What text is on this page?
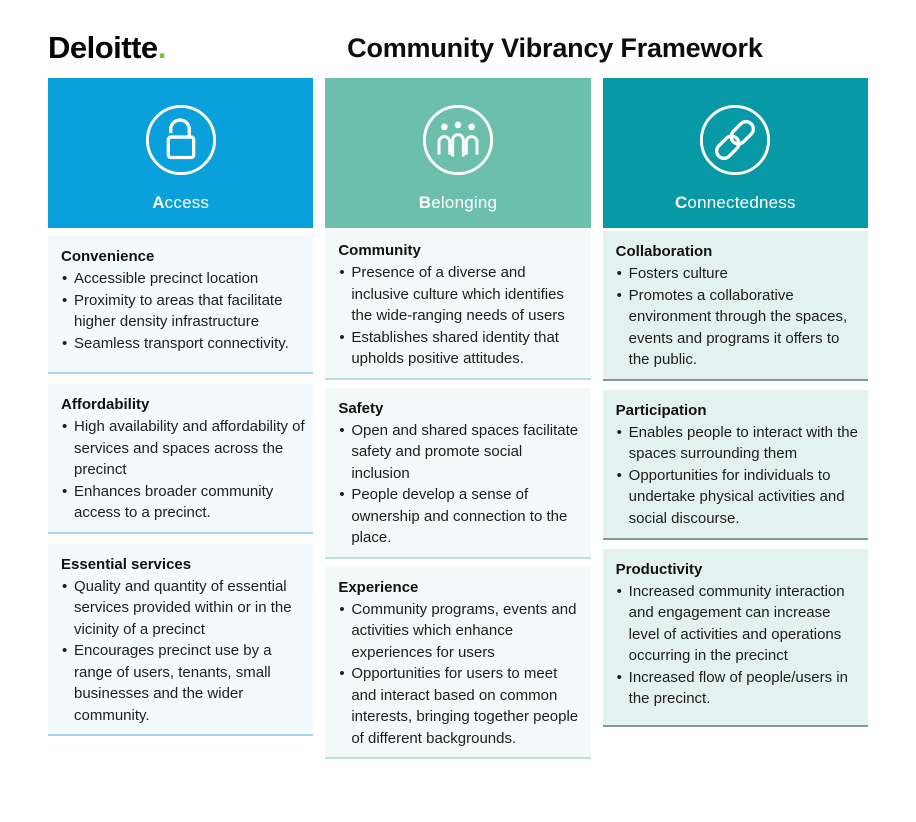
Deloitte.	Community Vibrancy Framework
Access
Convenience
• Accessible precinct location
• Proximity to areas that facilitate higher density infrastructure
• Seamless transport connectivity.
Affordability
• High availability and affordability of services and spaces across the precinct
• Enhances broader community access to a precinct.
Essential services
• Quality and quantity of essential services provided within or in the vicinity of a precinct
• Encourages precinct use by a range of users, tenants, small businesses and the wider community.
Belonging
Community
• Presence of a diverse and inclusive culture which identifies the wide-ranging needs of users
• Establishes shared identity that upholds positive attitudes.
Safety
• Open and shared spaces facilitate safety and promote social inclusion
• People develop a sense of ownership and connection to the place.
Experience
• Community programs, events and activities which enhance experiences for users
• Opportunities for users to meet and interact based on common interests, bringing together people of different backgrounds.
Connectedness
Collaboration
• Fosters culture
• Promotes a collaborative environment through the spaces, events and programs it offers to the public.
Participation
• Enables people to interact with the spaces surrounding them
• Opportunities for individuals to undertake physical activities and social discourse.
Productivity
• Increased community interaction and engagement can increase level of activities and operations occurring in the precinct
• Increased flow of people/users in the precinct.
